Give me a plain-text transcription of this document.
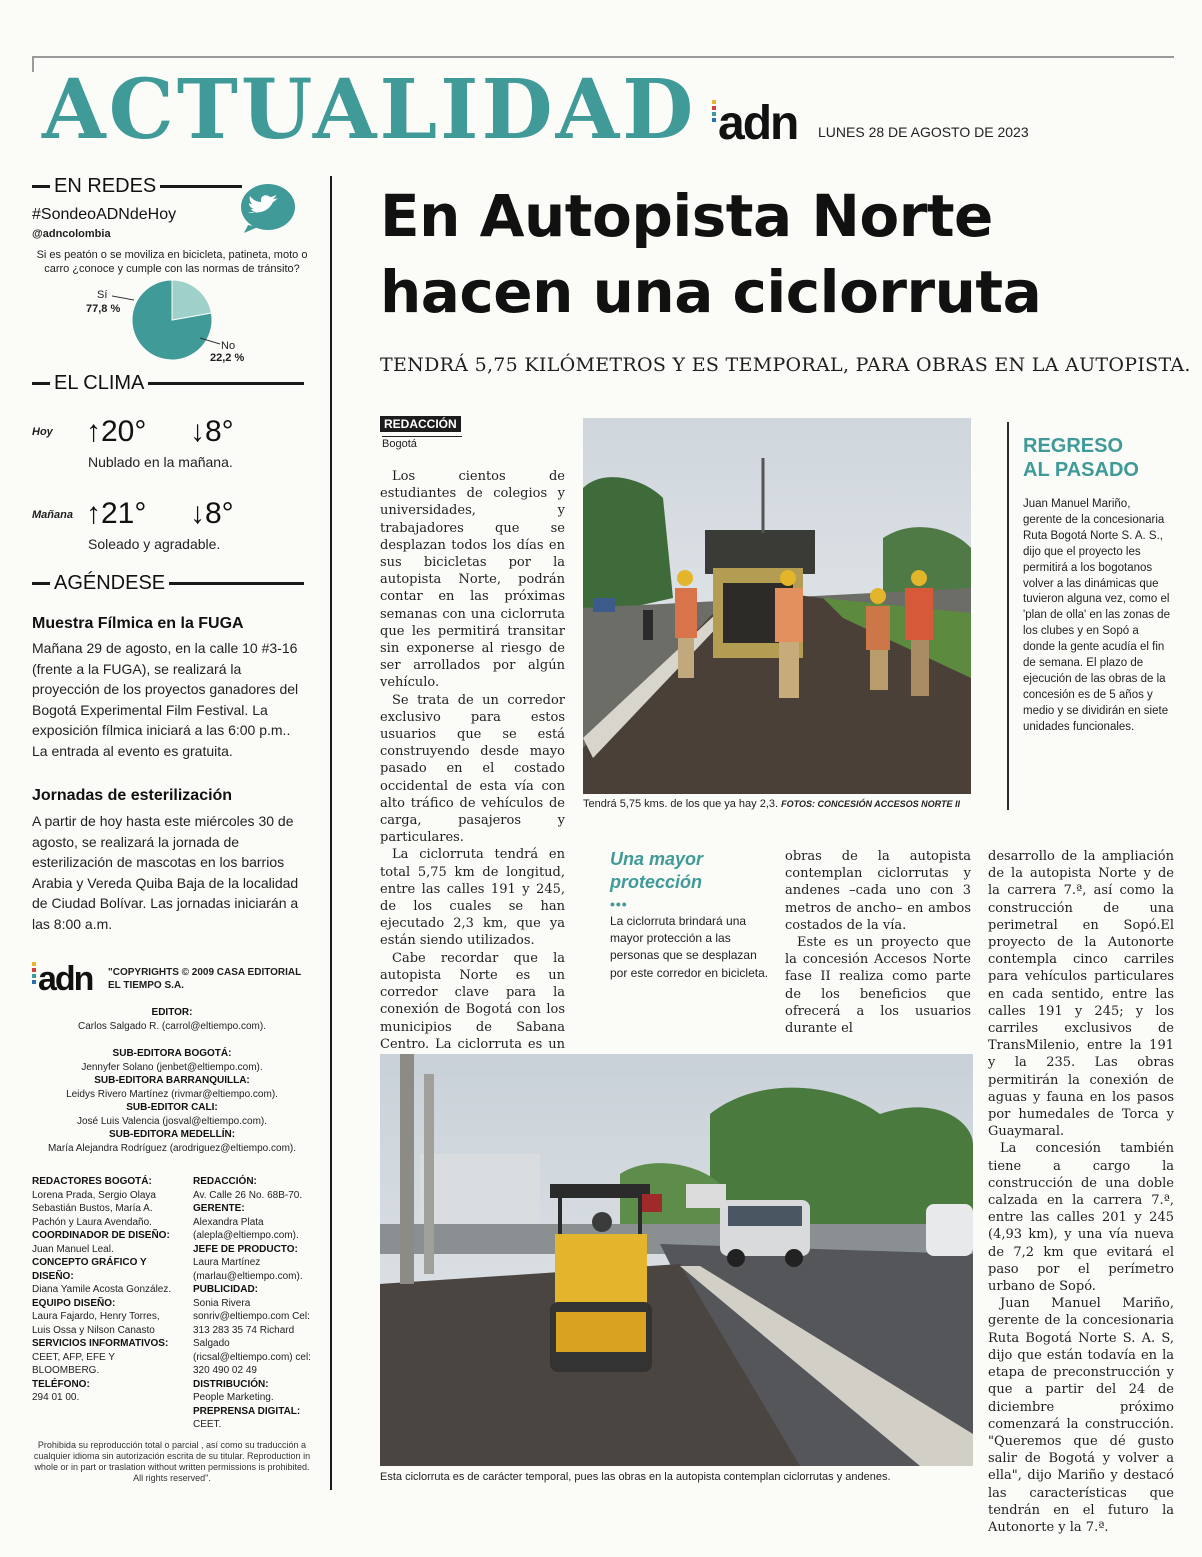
ACTUALIDAD adn LUNES 28 DE AGOSTO DE 2023
EN REDES
#SondeoADNdeHoy
@adncolombia
Si es peatón o se moviliza en bicicleta, patineta, moto o carro ¿conoce y cumple con las normas de tránsito?
Sí
77,8 %
No
22,2 %
EL CLIMA
Hoy ↑20° ↓8°
Nublado en la mañana.
Mañana ↑21° ↓8°
Soleado y agradable.
AGÉNDESE
Muestra Fílmica en la FUGA
Mañana 29 de agosto, en la calle 10 #3-16 (frente a la FUGA), se realizará la proyección de los proyectos ganadores del Bogotá Experimental Film Festival. La exposición fílmica iniciará a las 6:00 p.m.. La entrada al evento es gratuita.
Jornadas de esterilización
A partir de hoy hasta este miércoles 30 de agosto, se realizará la jornada de esterilización de mascotas en los barrios Arabia y Vereda Quiba Baja de la localidad de Ciudad Bolívar. Las jornadas iniciarán a las 8:00 a.m.
adn "COPYRIGHTS © 2009 CASA EDITORIAL EL TIEMPO S.A.
EDITOR:
Carlos Salgado R. (carrol@eltiempo.com).
SUB-EDITORA BOGOTÁ:
Jennyfer Solano (jenbet@eltiempo.com).
SUB-EDITORA BARRANQUILLA:
Leidys Rivero Martínez (rivmar@eltiempo.com).
SUB-EDITOR CALI:
José Luis Valencia (josval@eltiempo.com).
SUB-EDITORA MEDELLÍN:
María Alejandra Rodríguez (arodriguez@eltiempo.com).
REDACTORES BOGOTÁ:
Lorena Prada, Sergio Olaya Sebastián Bustos, María A. Pachón y Laura Avendaño.
COORDINADOR DE DISEÑO:
Juan Manuel Leal.
CONCEPTO GRÁFICO Y DISEÑO:
Diana Yamile Acosta González.
EQUIPO DISEÑO:
Laura Fajardo, Henry Torres, Luis Ossa y Nilson Canasto
SERVICIOS INFORMATIVOS:
CEET, AFP, EFE Y BLOOMBERG.
TELÉFONO:
294 01 00.
REDACCIÓN:
Av. Calle 26 No. 68B-70.
GERENTE:
Alexandra Plata (alepla@eltiempo.com).
JEFE DE PRODUCTO:
Laura Martínez (marlau@eltiempo.com).
PUBLICIDAD:
Sonia Rivera sonriv@eltiempo.com Cel: 313 283 35 74 Richard Salgado (ricsal@eltiempo.com) cel: 320 490 02 49
DISTRIBUCIÓN:
People Marketing.
PREPRENSA DIGITAL:
CEET.
Prohibida su reproducción total o parcial , así como su traducción a cualquier idioma sin autorización escrita de su titular. Reproduction in whole or in part or traslation without written permissions is prohibited. All rights reserved".
En Autopista Norte
hacen una ciclorruta
TENDRÁ 5,75 KILÓMETROS Y ES TEMPORAL, PARA OBRAS EN LA AUTOPISTA.
REDACCIÓN
Bogotá

Los cientos de estudiantes de colegios y universidades, y trabajadores que se desplazan todos los días en sus bicicletas por la autopista Norte, podrán contar en las próximas semanas con una ciclorruta que les permitirá transitar sin exponerse al riesgo de ser arrollados por algún vehículo.

Se trata de un corredor exclusivo para estos usuarios que se está construyendo desde mayo pasado en el costado occidental de esta vía con alto tráfico de vehículos de carga, pasajeros y particulares.

La ciclorruta tendrá en total 5,75 km de longitud, entre las calles 191 y 245, de los cuales se han ejecutado 2,3 km, que ya están siendo utilizados.

Cabe recordar que la autopista Norte es un corredor clave para la conexión de Bogotá con los municipios de Sabana Centro. La ciclorruta es un

Tendrá 5,75 kms. de los que ya hay 2,3. FOTOS: CONCESIÓN ACCESOS NORTE II
REGRESO
AL PASADO
Juan Manuel Mariño, gerente de la concesionaria Ruta Bogotá Norte S. A. S., dijo que el proyecto les permitirá a los bogotanos volver a las dinámicas que tuvieron alguna vez, como el 'plan de olla' en las zonas de los clubes y en Sopó a donde la gente acudía el fin de semana. El plazo de ejecución de las obras de la concesión es de 5 años y medio y se dividirán en siete unidades funcionales.
Una mayor protección
•••
La ciclorruta brindará una mayor protección a las personas que se desplazan por este corredor en bicicleta.

obras de la autopista contemplan ciclorrutas y andenes –cada uno con 3 metros de ancho– en ambos costados de la vía.

Este es un proyecto que la concesión Accesos Norte fase II realiza como parte de los beneficios que ofrecerá a los usuarios durante el

desarrollo de la ampliación de la autopista Norte y de la carrera 7.ª, así como la construcción de una perimetral en Sopó.El proyecto de la Autonorte contempla cinco carriles para vehículos particulares en cada sentido, entre las calles 191 y 245; y los carriles exclusivos de TransMilenio, entre la 191 y la 235. Las obras permitirán la conexión de aguas y fauna en los pasos por humedales de Torca y Guaymaral.

La concesión también tiene a cargo la construcción de una doble calzada en la carrera 7.ª, entre las calles 201 y 245 (4,93 km), y una vía nueva de 7,2 km que evitará el paso por el perímetro urbano de Sopó.

Juan Manuel Mariño, gerente de la concesionaria Ruta Bogotá Norte S. A. S, dijo que están todavía en la etapa de preconstrucción y que a partir del 24 de diciembre próximo comenzará la construcción. "Queremos que dé gusto salir de Bogotá y volver a ella", dijo Mariño y destacó las características que tendrán en el futuro la Autonorte y la 7.ª.

Esta ciclorruta es de carácter temporal, pues las obras en la autopista contemplan ciclorrutas y andenes.
